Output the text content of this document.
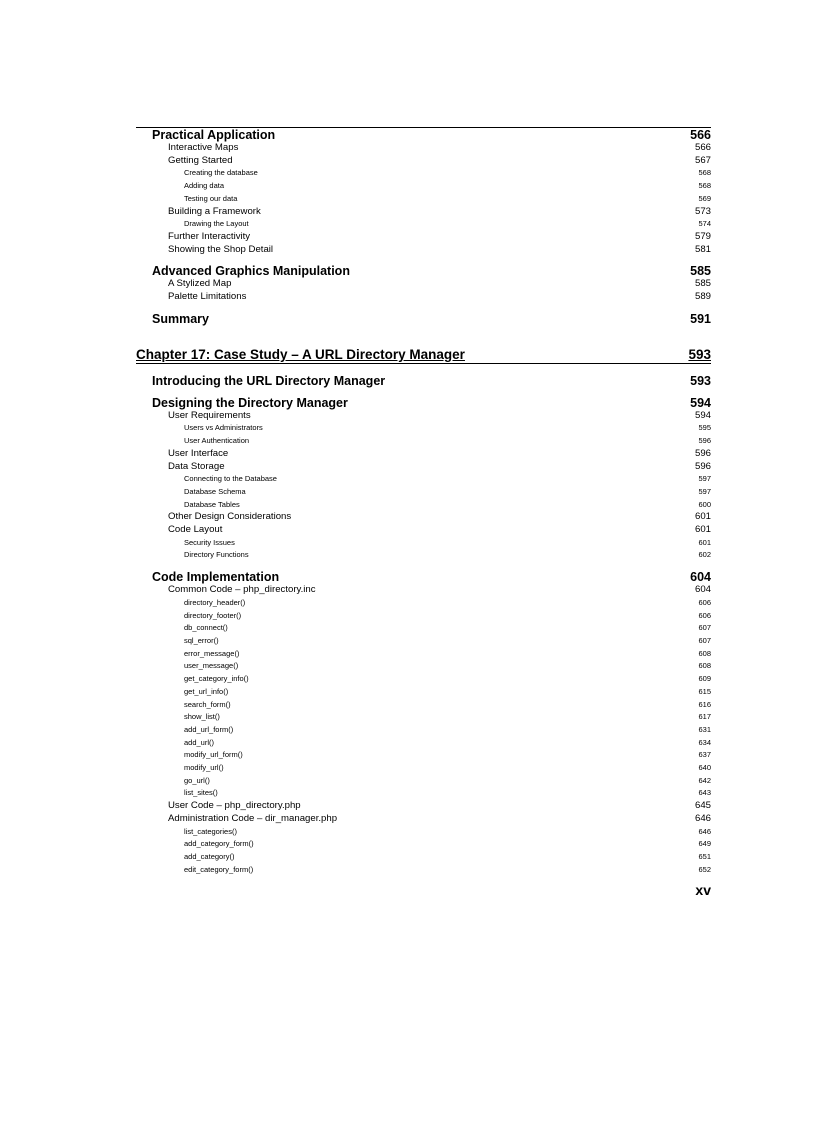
Practical Application	566
Interactive Maps	566
Getting Started	567
Creating the database	568
Adding data	568
Testing our data	569
Building a Framework	573
Drawing the Layout	574
Further Interactivity	579
Showing the Shop Detail	581
Advanced Graphics Manipulation	585
A Stylized Map	585
Palette Limitations	589
Summary	591
Chapter 17: Case Study – A URL Directory Manager	593
Introducing the URL Directory Manager	593
Designing the Directory Manager	594
User Requirements	594
Users vs Administrators	595
User Authentication	596
User Interface	596
Data Storage	596
Connecting to the Database	597
Database Schema	597
Database Tables	600
Other Design Considerations	601
Code Layout	601
Security Issues	601
Directory Functions	602
Code Implementation	604
Common Code – php_directory.inc	604
directory_header()	606
directory_footer()	606
db_connect()	607
sql_error()	607
error_message()	608
user_message()	608
get_category_info()	609
get_url_info()	615
search_form()	616
show_list()	617
add_url_form()	631
add_url()	634
modify_url_form()	637
modify_url()	640
go_url()	642
list_sites()	643
User Code – php_directory.php	645
Administration Code – dir_manager.php	646
list_categories()	646
add_category_form()	649
add_category()	651
edit_category_form()	652
xv
